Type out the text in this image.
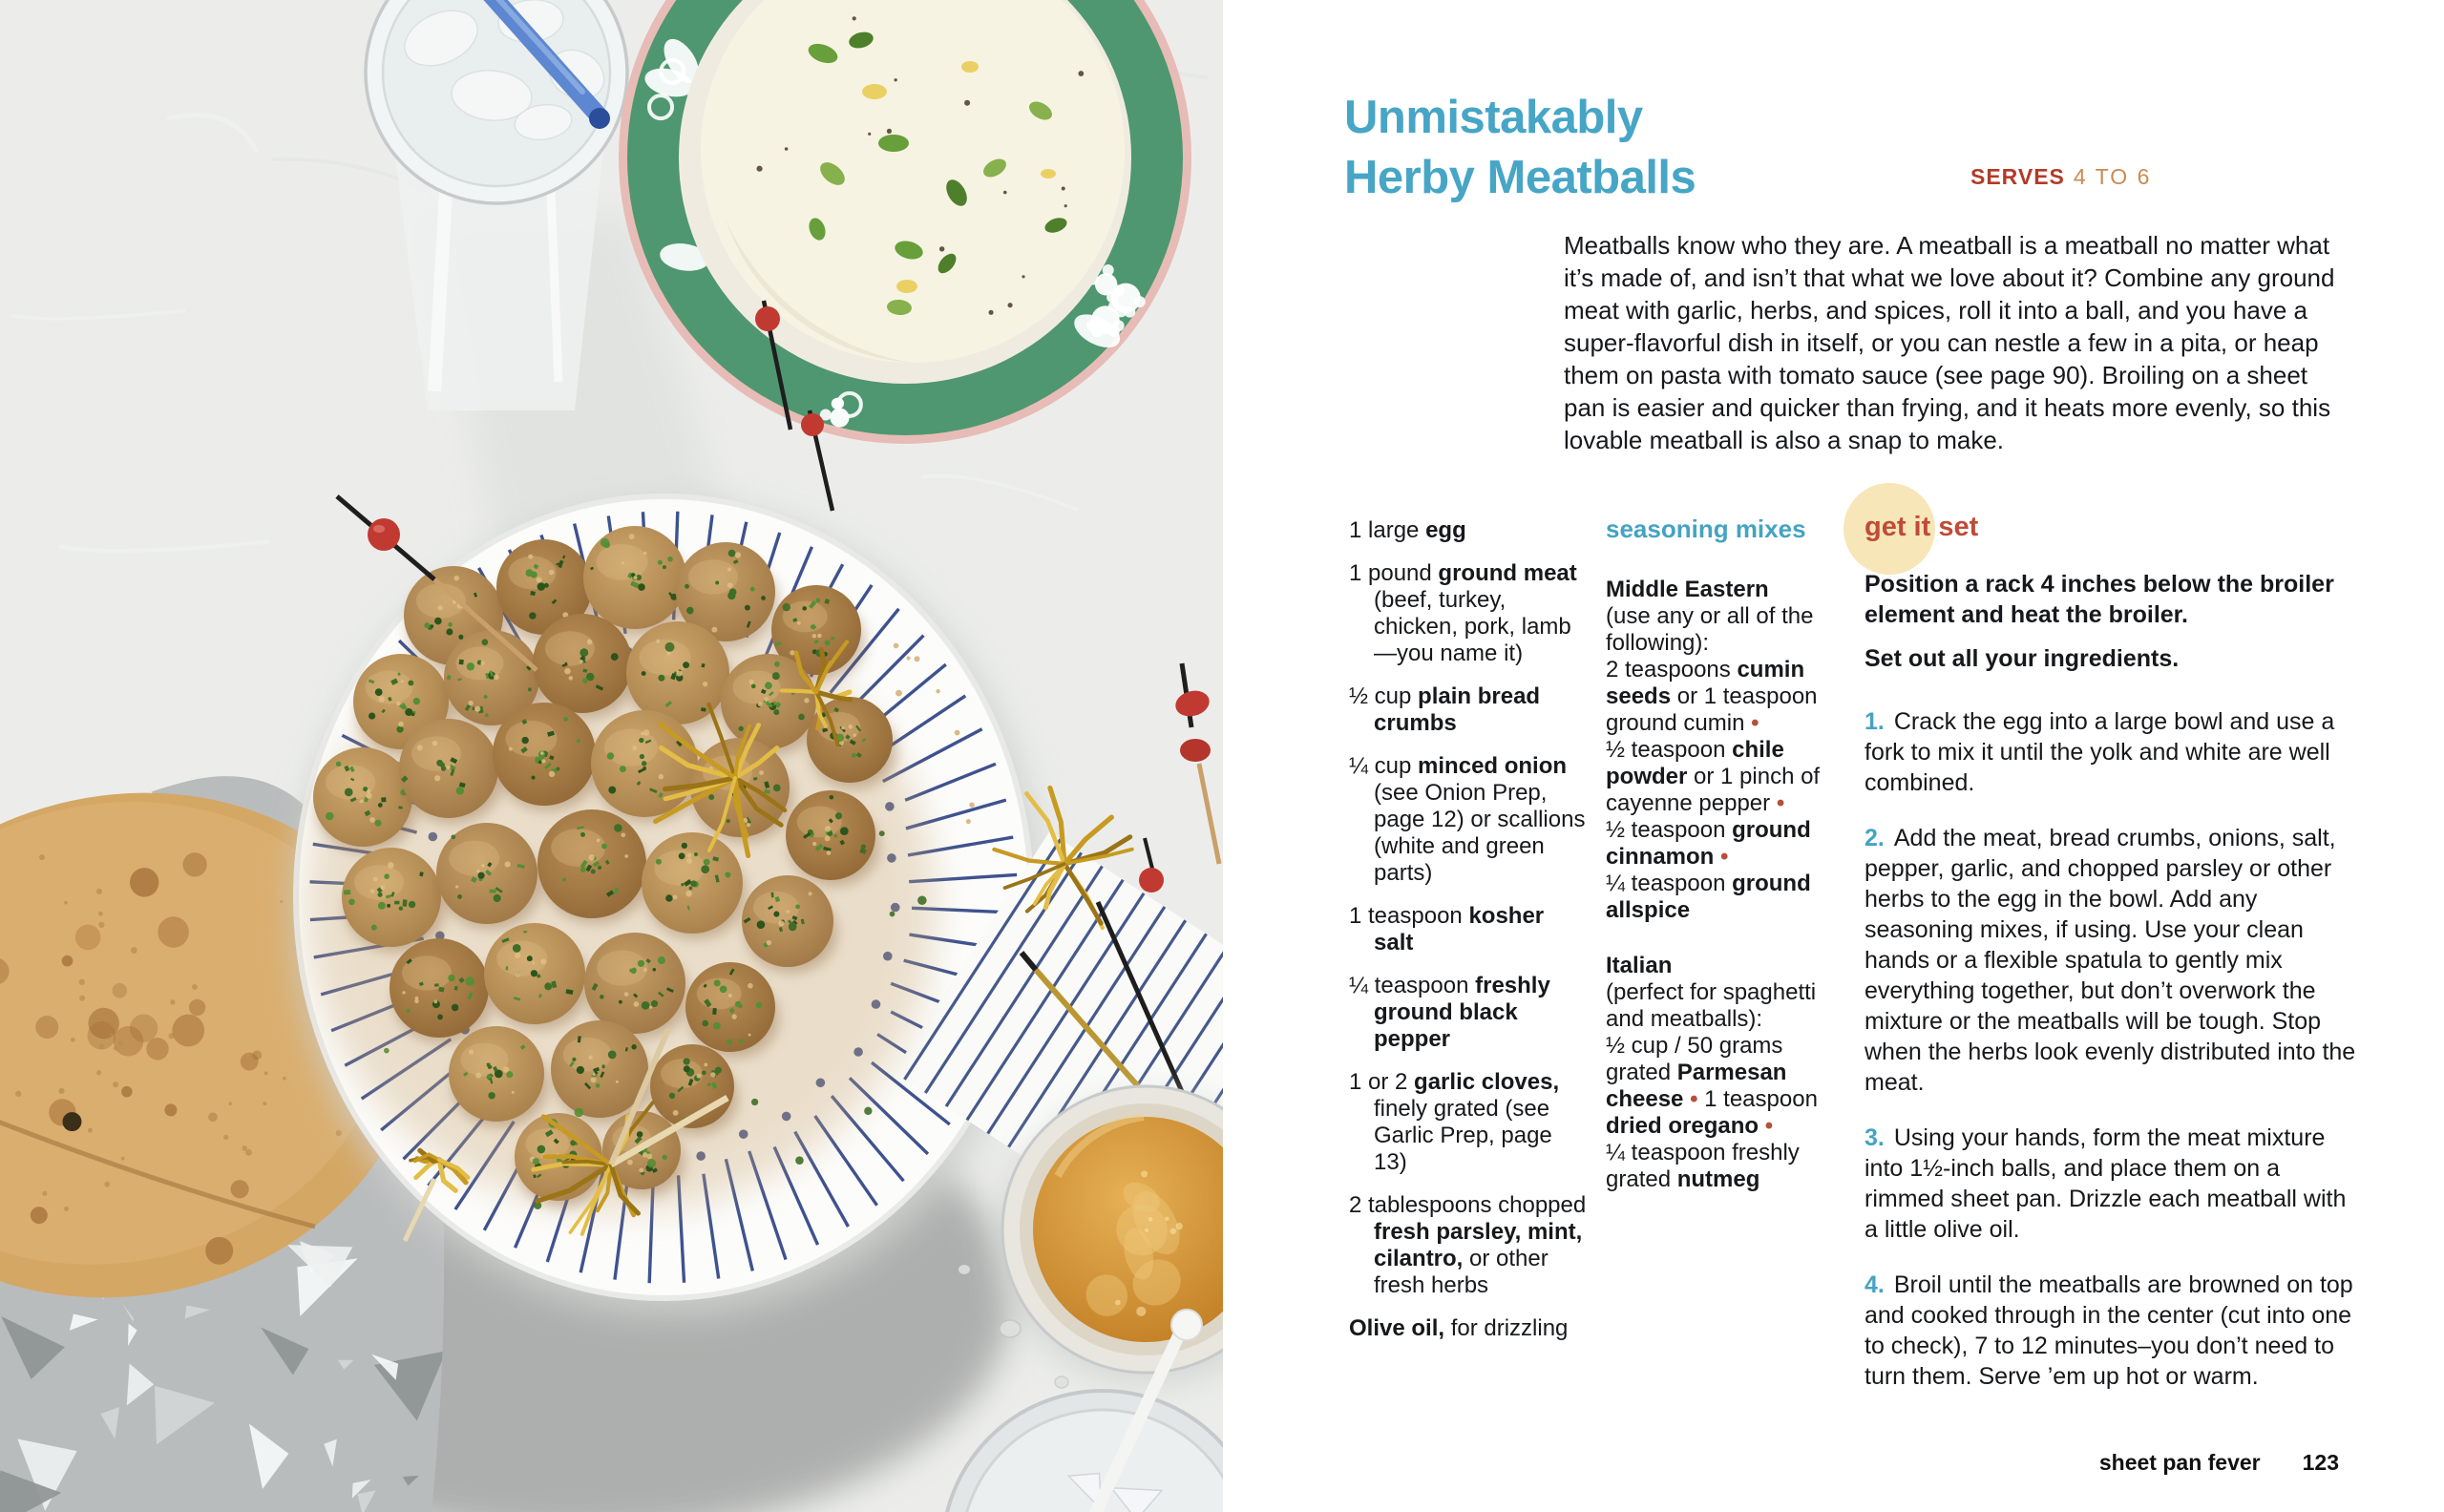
Unmistakably
Herby Meatballs	SERVES 4 TO 6

Meatballs know who they are. A meatball is a meatball no matter what it’s made of, and isn’t that what we love about it? Combine any ground meat with garlic, herbs, and spices, roll it into a ball, and you have a super-flavorful dish in itself, or you can nestle a few in a pita, or heap them on pasta with tomato sauce (see page 90). Broiling on a sheet pan is easier and quicker than frying, and it heats more evenly, so this lovable meatball is also a snap to make.

1 large egg
1 pound ground meat (beef, turkey, chicken, pork, lamb—you name it)
½ cup plain bread crumbs
¼ cup minced onion (see Onion Prep, page 12) or scallions (white and green parts)
1 teaspoon kosher salt
¼ teaspoon freshly ground black pepper
1 or 2 garlic cloves, finely grated (see Garlic Prep, page 13)
2 tablespoons chopped fresh parsley, mint, cilantro, or other fresh herbs
Olive oil, for drizzling
seasoning mixes
Middle Eastern
(use any or all of the following):
2 teaspoons cumin seeds or 1 teaspoon ground cumin •
½ teaspoon chile powder or 1 pinch of cayenne pepper •
½ teaspoon ground cinnamon •
¼ teaspoon ground allspice
Italian
(perfect for spaghetti and meatballs):
½ cup / 50 grams grated Parmesan cheese • 1 teaspoon dried oregano •
¼ teaspoon freshly grated nutmeg
get it set

Position a rack 4 inches below the broiler element and heat the broiler.

Set out all your ingredients.

1. Crack the egg into a large bowl and use a fork to mix it until the yolk and white are well combined.
2. Add the meat, bread crumbs, onions, salt, pepper, garlic, and chopped parsley or other herbs to the egg in the bowl. Add any seasoning mixes, if using. Use your clean hands or a flexible spatula to gently mix everything together, but don’t overwork the mixture or the meatballs will be tough. Stop when the herbs look evenly distributed into the meat.
3. Using your hands, form the meat mixture into 1½-inch balls, and place them on a rimmed sheet pan. Drizzle each meatball with a little olive oil.
4. Broil until the meatballs are browned on top and cooked through in the center (cut into one to check), 7 to 12 minutes–you don’t need to turn them. Serve ’em up hot or warm.
sheet pan fever 123
